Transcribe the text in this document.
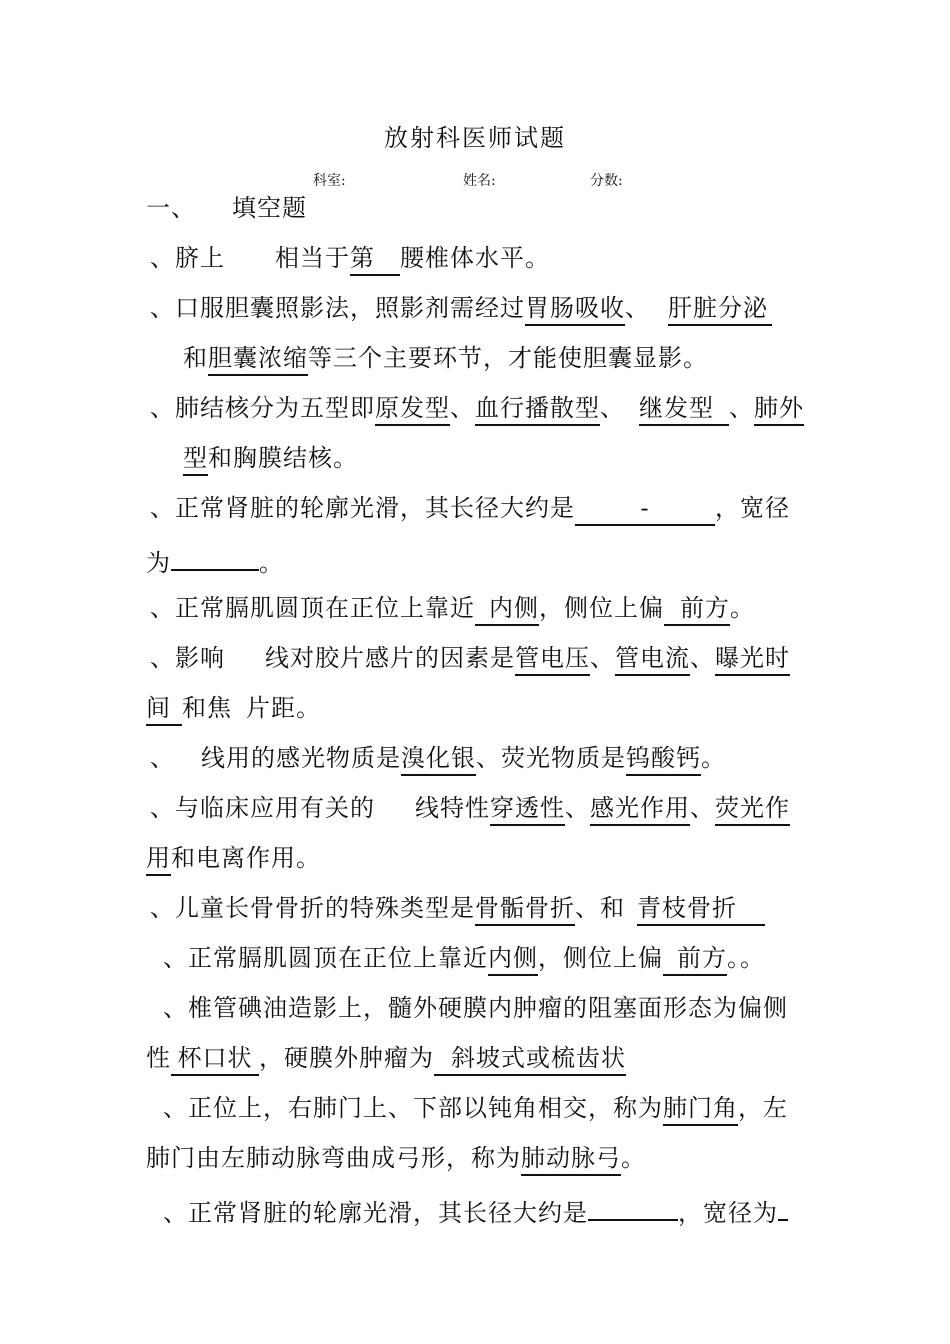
放射科医师试题
科室:	姓名:	分数:
一、 填空题
、脐上 相当于第 腰椎体水平。
、口服胆囊照影法，照影剂需经过胃肠吸收、 肝脏分泌
和胆囊浓缩等三个主要环节，才能使胆囊显影。
、肺结核分为五型即原发型、血行播散型、 继发型 、肺外
型和胸膜结核。
、正常肾脏的轮廓光滑，其长径大约是	-	，宽径
为	。
、正常膈肌圆顶在正位上靠近 内侧，侧位上偏 前方。
、影响 线对胶片感片的因素是管电压、管电流、曝光时
间 和焦 片距。
、 线用的感光物质是溴化银、荧光物质是钨酸钙。
、与临床应用有关的 线特性穿透性、感光作用、荧光作
用和电离作用。
、儿童长骨骨折的特殊类型是骨骺骨折、和 青枝骨折
、正常膈肌圆顶在正位上靠近内侧，侧位上偏 前方。。
、椎管碘油造影上，髓外硬膜内肿瘤的阻塞面形态为偏侧
性 杯口状 ，硬膜外肿瘤为 斜坡式或梳齿状
、正位上，右肺门上、下部以钝角相交，称为肺门角，左
肺门由左肺动脉弯曲成弓形，称为肺动脉弓。
、正常肾脏的轮廓光滑，其长径大约是	，宽径为
